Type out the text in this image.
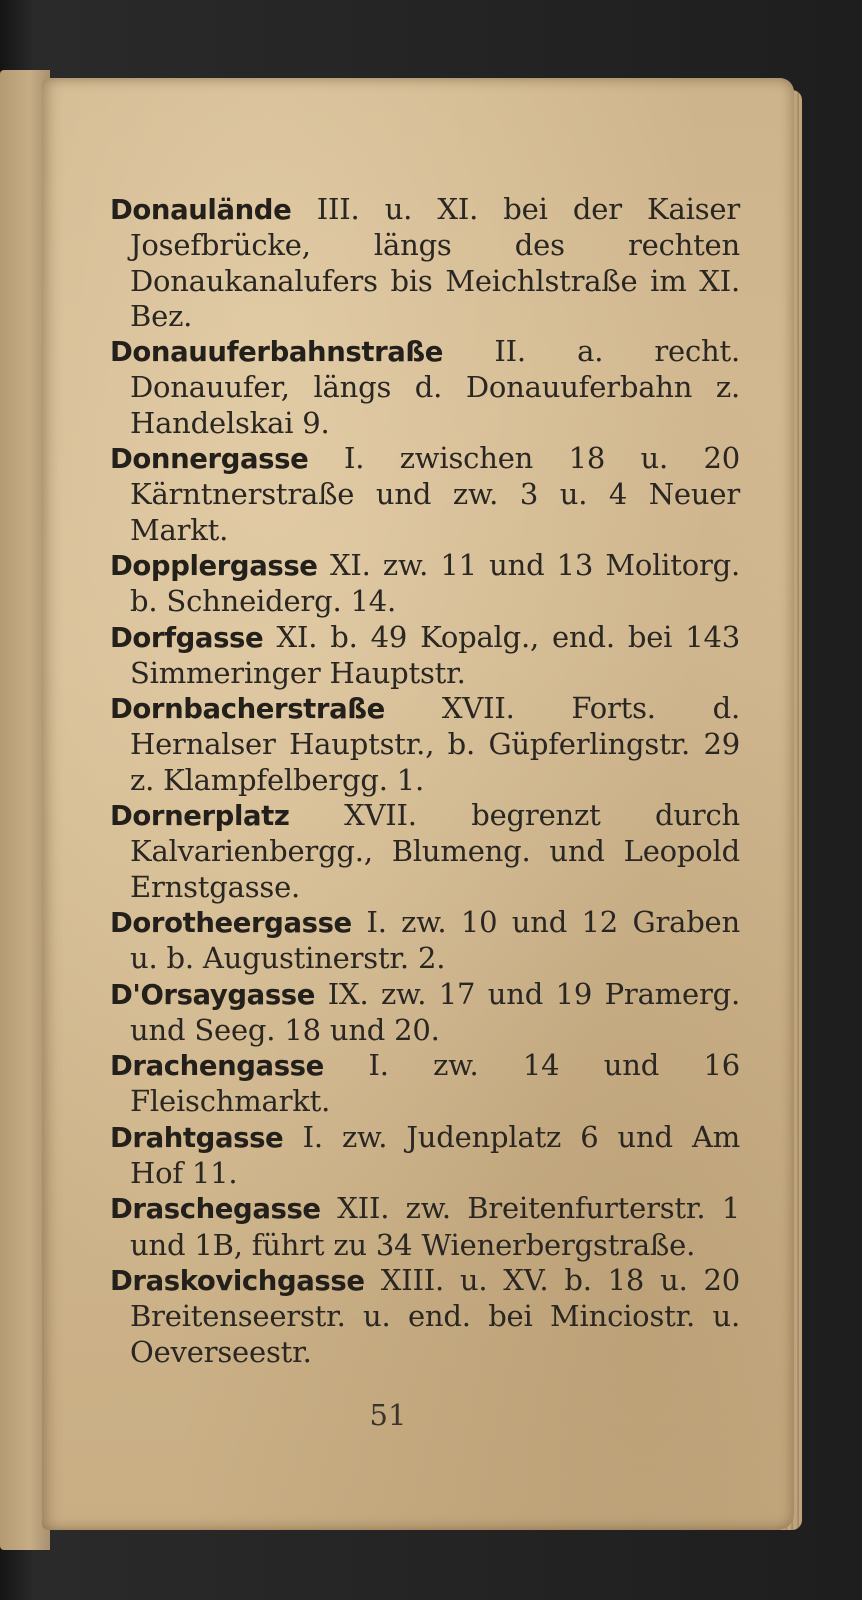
Donaulände III. u. XI. bei der Kaiser Josefbrücke, längs des rechten Donaukanalufers bis Meichlstraße im XI. Bez.
Donauuferbahnstraße II. a. recht. Donauufer, längs d. Donauuferbahn z. Handelskai 9.
Donnergasse I. zwischen 18 u. 20 Kärntnerstraße und zw. 3 u. 4 Neuer Markt.
Dopplergasse XI. zw. 11 und 13 Molitorg. b. Schneiderg. 14.
Dorfgasse XI. b. 49 Kopalg., end. bei 143 Simmeringer Hauptstr.
Dornbacherstraße XVII. Forts. d. Hernalser Hauptstr., b. Güpferlingstr. 29 z. Klampfelbergg. 1.
Dornerplatz XVII. begrenzt durch Kalvarienbergg., Blumeng. und Leopold Ernstgasse.
Dorotheergasse I. zw. 10 und 12 Graben u. b. Augustinerstr. 2.
D'Orsaygasse IX. zw. 17 und 19 Pramerg. und Seeg. 18 und 20.
Drachengasse I. zw. 14 und 16 Fleischmarkt.
Drahtgasse I. zw. Judenplatz 6 und Am Hof 11.
Draschegasse XII. zw. Breitenfurterstr. 1 und 1B, führt zu 34 Wienerbergstraße.
Draskovichgasse XIII. u. XV. b. 18 u. 20 Breitenseerstr. u. end. bei Minciostr. u. Oeverseestr.
51
